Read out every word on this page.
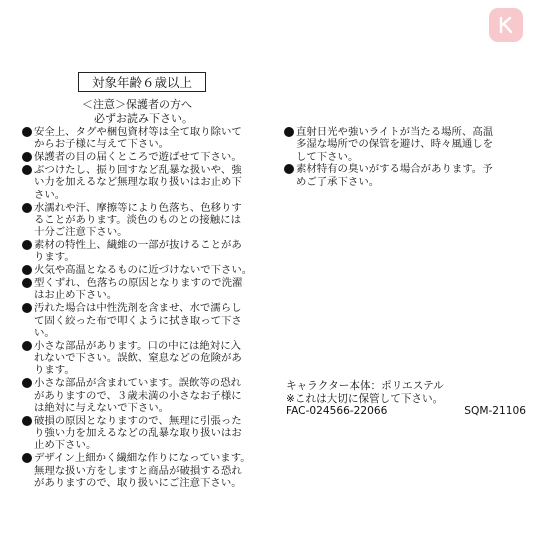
対象年齢６歳以上
＜注意＞保護者の方へ
必ずお読み下さい。
安全上、タグや梱包資材等は全て取り除いて
からお子様に与えて下さい。
保護者の目の届くところで遊ばせて下さい。
ぶつけたし、振り回すなど乱暴な扱いや、強
い力を加えるなど無理な取り扱いはお止め下
さい。
水濡れや汗、摩擦等により色落ち、色移りす
ることがあります。淡色のものとの接触には
十分ご注意下さい。
素材の特性上、繊維の一部が抜けることがあ
ります。
火気や高温となるものに近づけないで下さい。
型くずれ、色落ちの原因となりますので洗濯
はお止め下さい。
汚れた場合は中性洗剤を含ませ、水で濡らし
て固く絞った布で叩くように拭き取って下さ
い。
小さな部品があります。口の中には絶対に入
れないで下さい。誤飲、窒息などの危険があ
ります。
小さな部品が含まれています。誤飲等の恐れ
がありますので、３歳未満の小さなお子様に
は絶対に与えないで下さい。
破損の原因となりますので、無理に引張った
り強い力を加えるなどの乱暴な取り扱いはお
止め下さい。
デザイン上細かく繊細な作りになっています。
無理な扱い方をしますと商品が破損する恐れ
がありますので、取り扱いにご注意下さい。
直射日光や強いライトが当たる場所、高温
多湿な場所での保管を避け、時々風通しを
して下さい。
素材特有の臭いがする場合があります。予
めご了承下さい。
キャラクター本体：ポリエステル
※これは大切に保管して下さい。
FAC-024566-22066	SQM-21106
